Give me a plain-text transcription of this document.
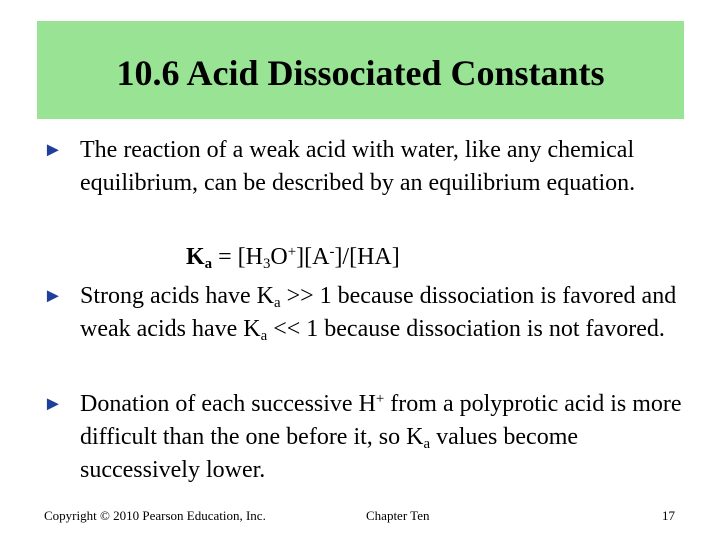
10.6 Acid Dissociated Constants
► The reaction of a weak acid with water, like any chemical equilibrium, can be described by an equilibrium equation.
$K_a = [H_3O^+][A^-]/[HA]$
► Strong acids have $K_a >> 1$ because dissociation is favored and weak acids have $K_a << 1$ because dissociation is not favored.
► Donation of each successive H+ from a polyprotic acid is more difficult than the one before it, so $K_a$ values become successively lower.
Copyright © 2010 Pearson Education, Inc.	Chapter Ten	17
